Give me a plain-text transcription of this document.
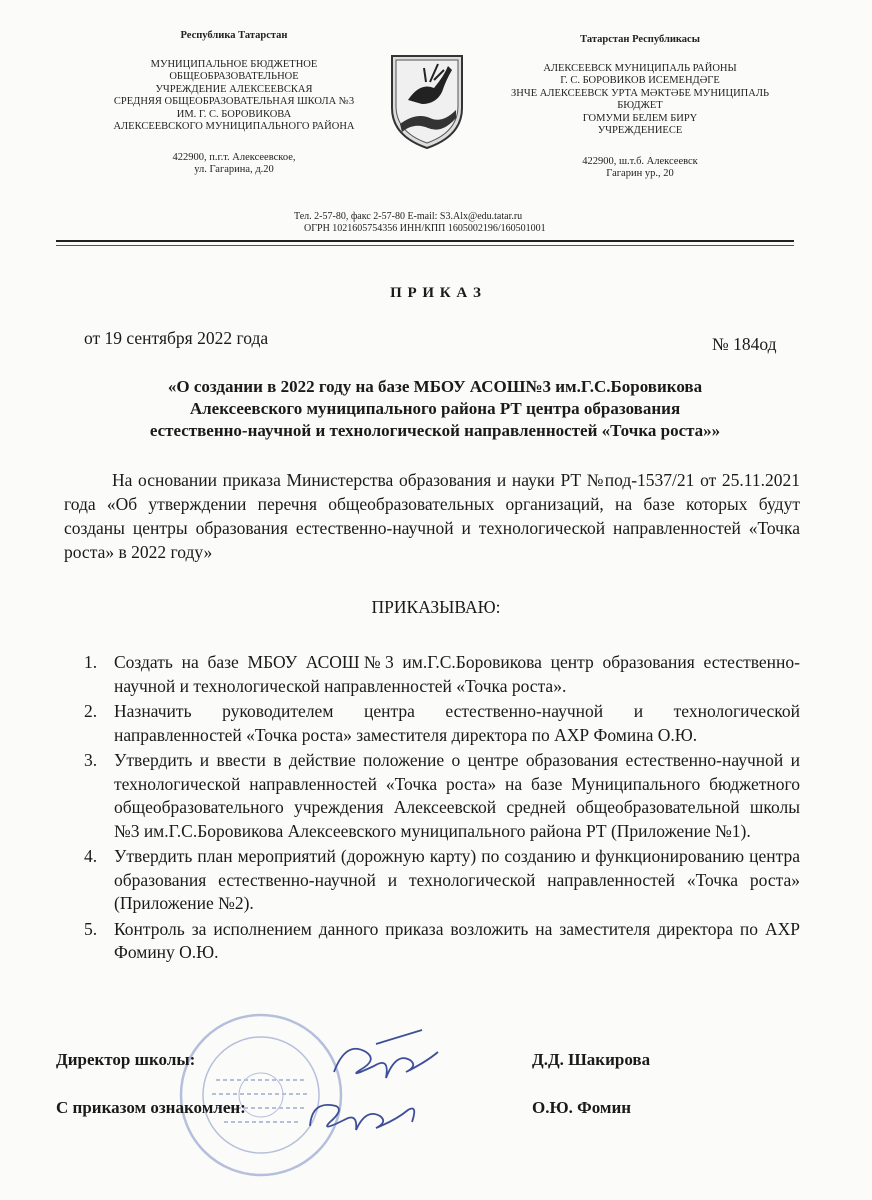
Республика Татарстан
МУНИЦИПАЛЬНОЕ БЮДЖЕТНОЕ
ОБЩЕОБРАЗОВАТЕЛЬНОЕ
УЧРЕЖДЕНИЕ АЛЕКСЕЕВСКАЯ
СРЕДНЯЯ ОБЩЕОБРАЗОВАТЕЛЬНАЯ ШКОЛА №3
ИМ. Г. С. БОРОВИКОВА
АЛЕКСЕЕВСКОГО МУНИЦИПАЛЬНОГО РАЙОНА
422900, п.г.т. Алексеевское,
ул. Гагарина, д.20
Татарстан Республикасы
АЛЕКСЕЕВСК МУНИЦИПАЛЬ РАЙОНЫ
Г. С. БОРОВИКОВ ИСЕМЕНДӘГЕ
ЗНЧЕ АЛЕКСЕЕВСК УРТА МӘКТӘБЕ МУНИЦИПАЛЬ
БЮДЖЕТ
ГОМУМИ БЕЛЕМ БИРҮ
УЧРЕЖДЕНИЕСЕ
422900, ш.т.б. Алексеевск
Гагарин ур., 20
Тел. 2-57-80, факс 2-57-80 E-mail: S3.Alx@edu.tatar.ru
ОГРН 1021605754356 ИНН/КПП 1605002196/160501001
П Р И К А З
от 19 сентября 2022 года	№ 184од
«О создании в 2022 году на базе МБОУ АСОШ№3 им.Г.С.Боровикова
Алексеевского муниципального района РТ центра образования
естественно-научной и технологической направленностей «Точка роста»»
На основании приказа Министерства образования и науки РТ №под-1537/21 от 25.11.2021 года «Об утверждении перечня общеобразовательных организаций, на базе которых будут созданы центры образования естественно-научной и технологической направленностей «Точка роста» в 2022 году»
ПРИКАЗЫВАЮ:
1. Создать на базе МБОУ АСОШ№3 им.Г.С.Боровикова центр образования естественно-научной и технологической направленностей «Точка роста».
2. Назначить руководителем центра естественно-научной и технологической направленностей «Точка роста» заместителя директора по АХР Фомина О.Ю.
3. Утвердить и ввести в действие положение о центре образования естественно-научной и технологической направленностей «Точка роста» на базе Муниципального бюджетного общеобразовательного учреждения Алексеевской средней общеобразовательной школы №3 им.Г.С.Боровикова Алексеевского муниципального района РТ (Приложение №1).
4. Утвердить план мероприятий (дорожную карту) по созданию и функционированию центра образования естественно-научной и технологической направленностей «Точка роста» (Приложение №2).
5. Контроль за исполнением данного приказа возложить на заместителя директора по АХР Фомину О.Ю.
Директор школы:	Д.Д. Шакирова
С приказом ознакомлен:	О.Ю. Фомин
